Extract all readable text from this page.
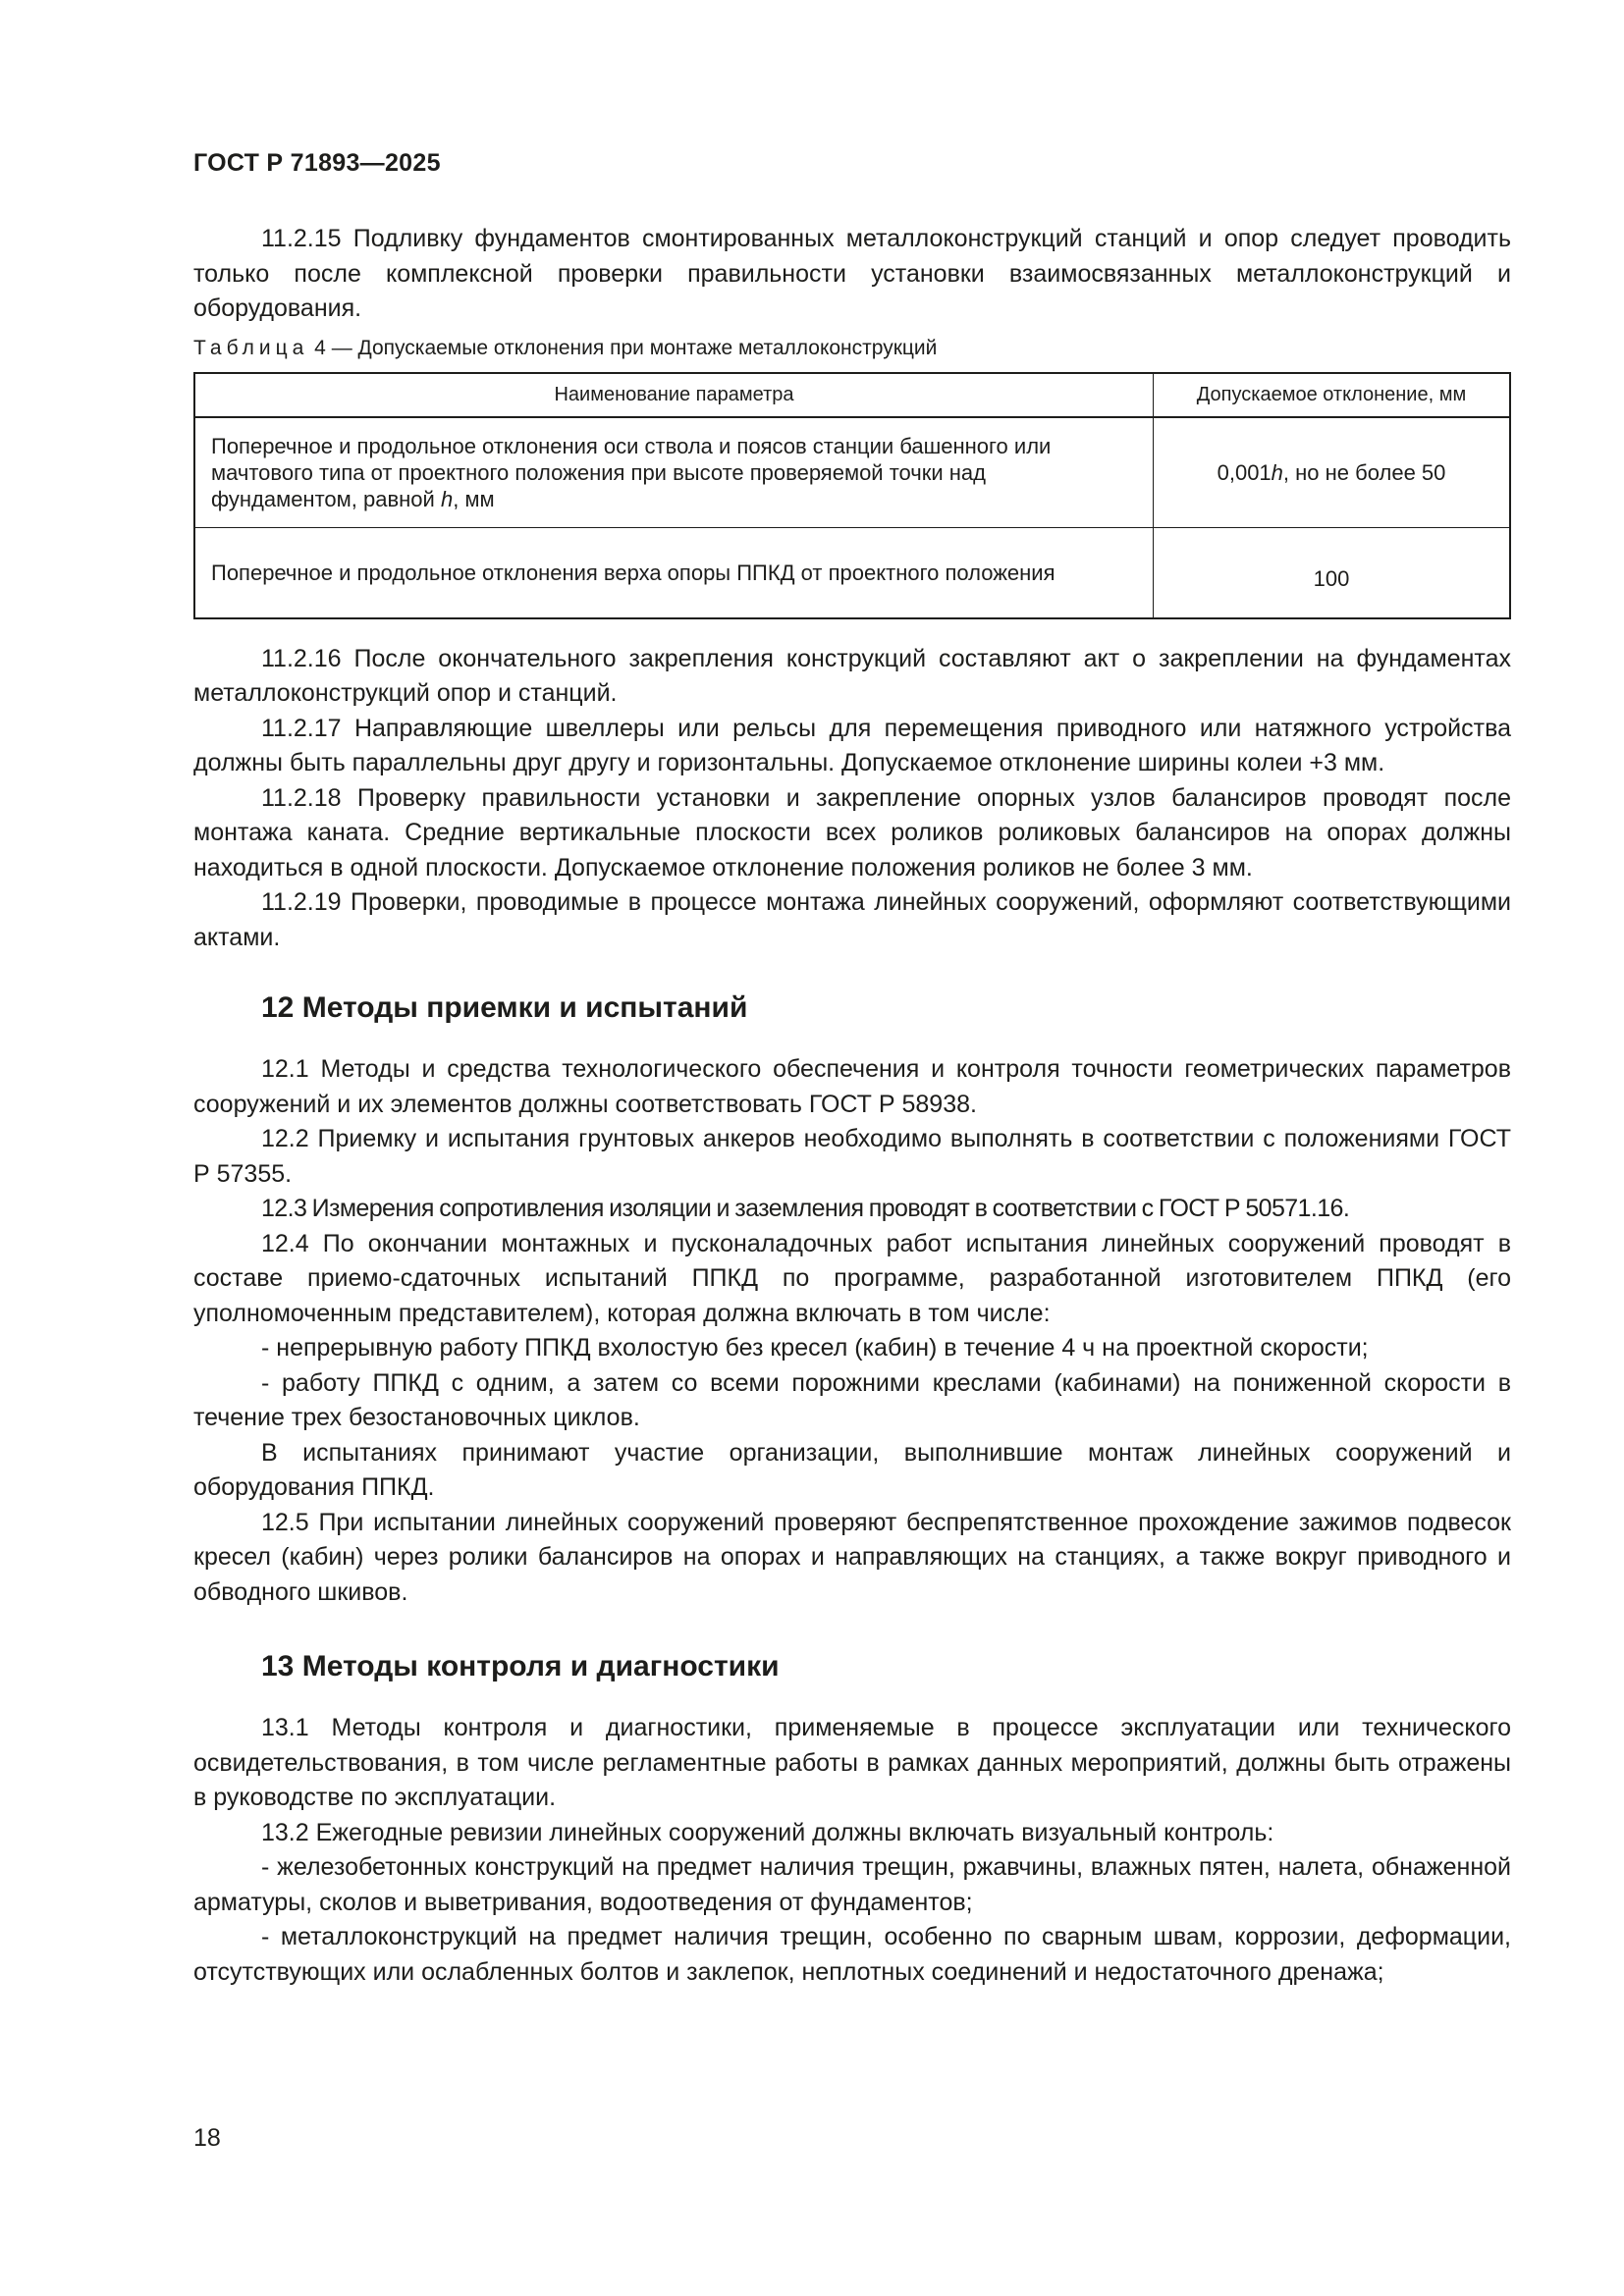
ГОСТ Р 71893—2025

11.2.15 Подливку фундаментов смонтированных металлоконструкций станций и опор следует проводить только после комплексной проверки правильности установки взаимосвязанных металлоконструкций и оборудования.

Таблица 4 — Допускаемые отклонения при монтаже металлоконструкций
Наименование параметра	Допускаемое отклонение, мм
Поперечное и продольное отклонения оси ствола и поясов станции башенного или мачтового типа от проектного положения при высоте проверяемой точки над фундаментом, равной h, мм	0,001h, но не более 50
Поперечное и продольное отклонения верха опоры ППКД от проектного положения	100

11.2.16 После окончательного закрепления конструкций составляют акт о закреплении на фундаментах металлоконструкций опор и станций.

11.2.17 Направляющие швеллеры или рельсы для перемещения приводного или натяжного устройства должны быть параллельны друг другу и горизонтальны. Допускаемое отклонение ширины колеи +3 мм.

11.2.18 Проверку правильности установки и закрепление опорных узлов балансиров проводят после монтажа каната. Средние вертикальные плоскости всех роликов роликовых балансиров на опорах должны находиться в одной плоскости. Допускаемое отклонение положения роликов не более 3 мм.

11.2.19 Проверки, проводимые в процессе монтажа линейных сооружений, оформляют соответствующими актами.

12 Методы приемки и испытаний

12.1 Методы и средства технологического обеспечения и контроля точности геометрических параметров сооружений и их элементов должны соответствовать ГОСТ Р 58938.

12.2 Приемку и испытания грунтовых анкеров необходимо выполнять в соответствии с положениями ГОСТ Р 57355.

12.3 Измерения сопротивления изоляции и заземления проводят в соответствии с ГОСТ Р 50571.16.

12.4 По окончании монтажных и пусконаладочных работ испытания линейных сооружений проводят в составе приемо-сдаточных испытаний ППКД по программе, разработанной изготовителем ППКД (его уполномоченным представителем), которая должна включать в том числе:

- непрерывную работу ППКД вхолостую без кресел (кабин) в течение 4 ч на проектной скорости;

- работу ППКД с одним, а затем со всеми порожними креслами (кабинами) на пониженной скорости в течение трех безостановочных циклов.

В испытаниях принимают участие организации, выполнившие монтаж линейных сооружений и оборудования ППКД.

12.5 При испытании линейных сооружений проверяют беспрепятственное прохождение зажимов подвесок кресел (кабин) через ролики балансиров на опорах и направляющих на станциях, а также вокруг приводного и обводного шкивов.

13 Методы контроля и диагностики

13.1 Методы контроля и диагностики, применяемые в процессе эксплуатации или технического освидетельствования, в том числе регламентные работы в рамках данных мероприятий, должны быть отражены в руководстве по эксплуатации.

13.2 Ежегодные ревизии линейных сооружений должны включать визуальный контроль:

- железобетонных конструкций на предмет наличия трещин, ржавчины, влажных пятен, налета, обнаженной арматуры, сколов и выветривания, водоотведения от фундаментов;

- металлоконструкций на предмет наличия трещин, особенно по сварным швам, коррозии, деформации, отсутствующих или ослабленных болтов и заклепок, неплотных соединений и недостаточного дренажа;

18
